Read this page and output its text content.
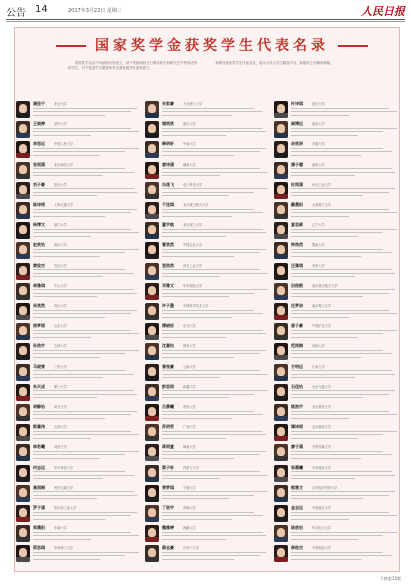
公告 14	2017年3月22日 星期三	人民日报
国家奖学金获奖学生代表名录

国家奖学金由中央政府出资设立，用于奖励高校全日制本科生和研究生中特别优秀的学生，对于促进学生德智体美全面发展具有重要意义。

本期刊登获奖学生代表名录，展示当代大学生勤奋学习、积极向上的精神风貌。

潘佳宁	北京大学
王晓婷	清华大学
李思远	中国人民大学
张雨涵	北京师范大学
刘子豪	复旦大学
陈诗雨	上海交通大学
杨博文	浙江大学
赵欣怡	南京大学
黄俊杰	武汉大学
周雅琪	中山大学
吴昊然	四川大学
徐梦瑶	山东大学
孙浩宇	吉林大学
马晓雪	兰州大学
朱天成	厦门大学
胡静怡	南开大学
郭嘉伟	天津大学
林若曦	同济大学
何志远	华中科技大学
高雨桐	西安交通大学
罗子涵	哈尔滨工业大学
郑晨阳	东南大学
梁思琪	华南理工大学
宋家豪	大连理工大学
谢雨欣	重庆大学
韩明轩	中南大学
唐诗涵	湖南大学
冯逸飞	电子科技大学
于佳琪	北京航空航天大学
董宇航	北京理工大学
曹欣然	中国农业大学
袁浩然	西北工业大学
邓雅文	华东师范大学
许子墨	中国科学技术大学
傅晓彤	东北大学
沈嘉怡	郑州大学
曾俊豪	云南大学
彭思雨	新疆大学
吕晨曦	贵州大学
苏明哲	广西大学
蒋雨萱	海南大学
蔡子轩	内蒙古大学
贾梦琪	宁夏大学
丁浩宇	青海大学
魏雅婷	西藏大学
薛志豪	石河子大学
叶诗琪	延边大学
阎博远	南昌大学
余欣妍	安徽大学
潘子健	福州大学
杜雨涵	河北工业大学
戴晨阳	太原理工大学
夏思颖	辽宁大学
钟浩然	暨南大学
汪雅琪	苏州大学
田俊熙	南京航空航天大学
任梦洁	南京理工大学
姜子豪	中国矿业大学
范雨桐	河海大学
方明远	江南大学
石佳怡	北京交通大学
姚浩宇	北京科技大学
谭诗雨	北京邮电大学
廖子涵	中国传媒大学
邹晨曦	中央财经大学
熊雅文	对外经济贸易大学
金志远	中国政法大学
陆欣怡	华北电力大学
郝俊杰	中国地质大学
下转第15版
